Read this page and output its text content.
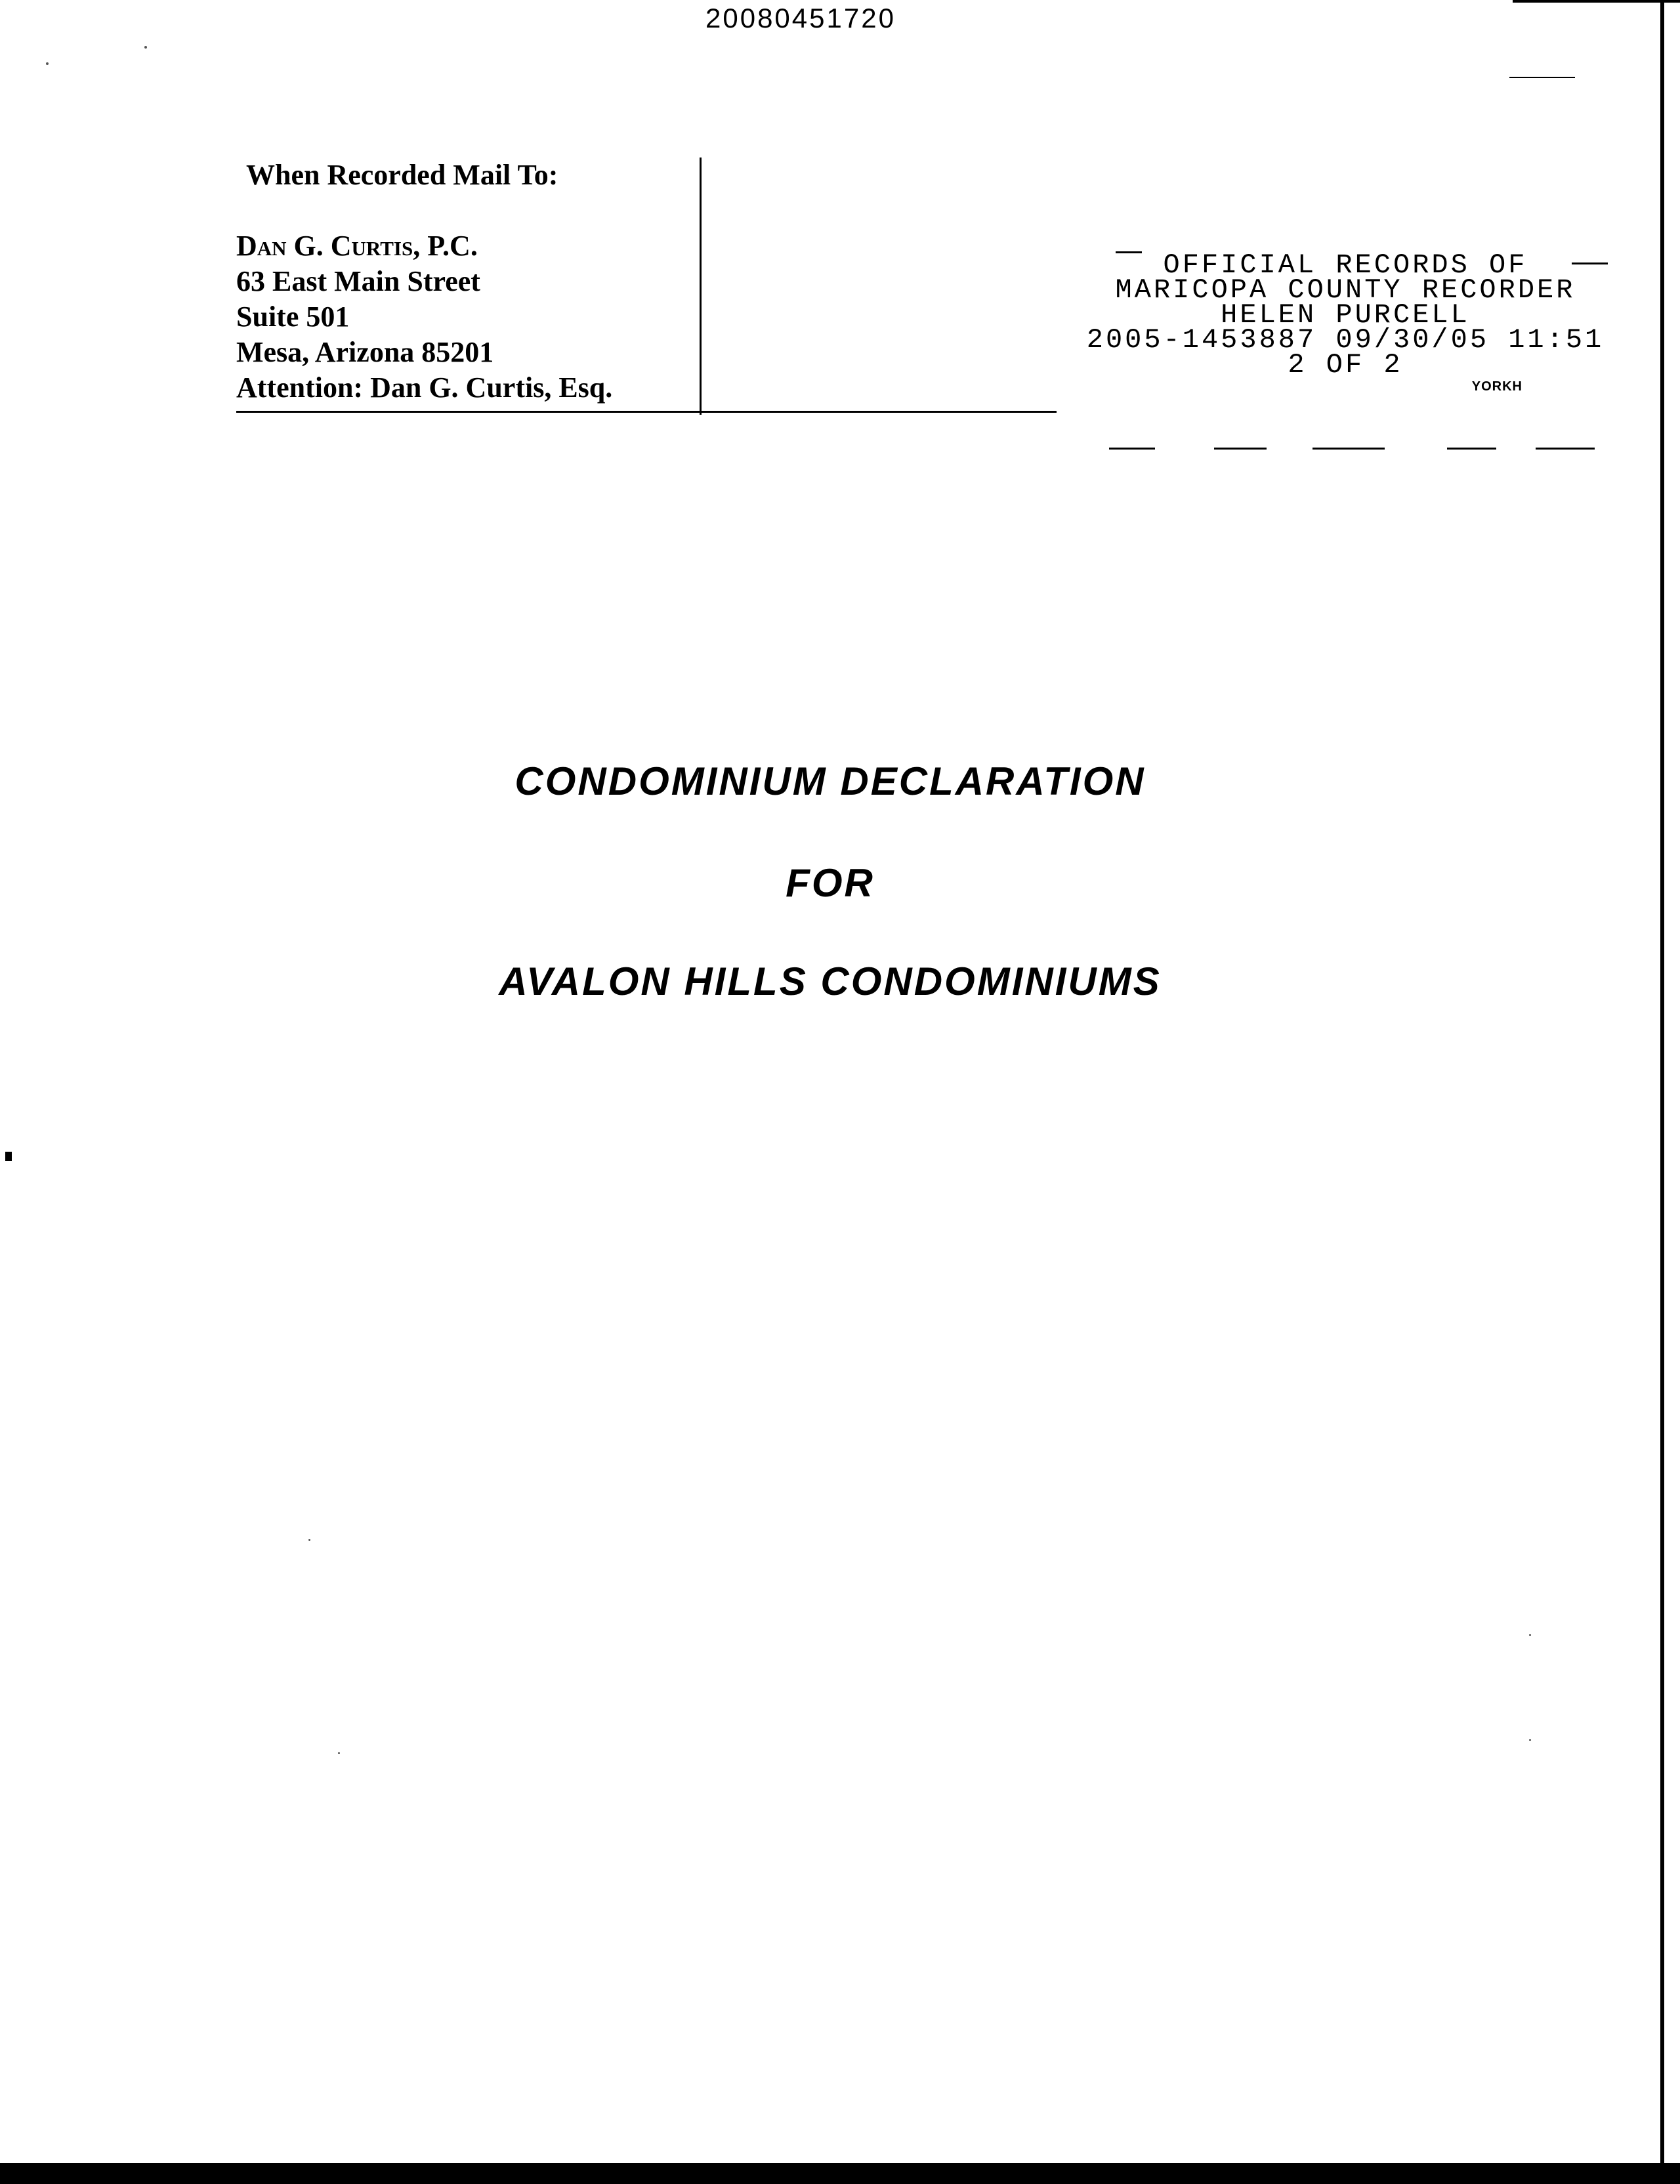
20080451720
When Recorded Mail To:
Dan G. Curtis, P.C.
63 East Main Street
Suite 501
Mesa, Arizona 85201
Attention: Dan G. Curtis, Esq.
OFFICIAL RECORDS OF
MARICOPA COUNTY RECORDER
HELEN PURCELL
2005-1453887 09/30/05 11:51
2 OF 2
YORKH
CONDOMINIUM DECLARATION
FOR
AVALON HILLS CONDOMINIUMS
